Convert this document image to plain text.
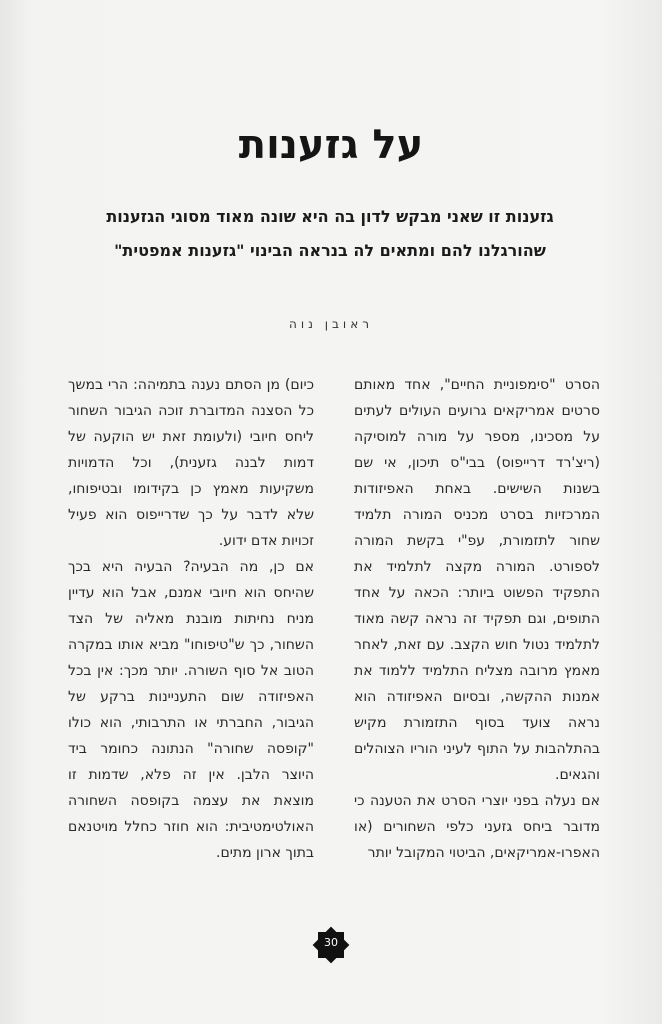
על גזענות
גזענות זו שאני מבקש לדון בה היא שונה מאוד מסוגי הגזענות שהורגלנו להם ומתאים לה בנראה הבינוי "גזענות אמפטית"
ראובן נוה

הסרט "סימפוניית החיים", אחד מאותם סרטים אמריקאים גרועים העולים לעתים על מסכינו, מספר על מורה למוסיקה (ריצ'רד דרייפוס) בבי"ס תיכון, אי שם בשנות השישים. באחת האפיזודות המרכזיות בסרט מכניס המורה תלמיד שחור לתזמורת, עפ"י בקשת המורה לספורט. המורה מקצה לתלמיד את התפקיד הפשוט ביותר: הכאה על אחד התופים, וגם תפקיד זה נראה קשה מאוד לתלמיד נטול חוש הקצב. עם זאת, לאחר מאמץ מרובה מצליח התלמיד ללמוד את אמנות ההקשה, ובסיום האפיזודה הוא נראה צועד בסוף התזמורת מקיש בהתלהבות על התוף לעיני הוריו הצוהלים והגאים.

אם נעלה בפני יוצרי הסרט את הטענה כי מדובר ביחס גזעני כלפי השחורים (או האפרו-אמריקאים, הביטוי המקובל יותר

כיום) מן הסתם נענה בתמיהה: הרי במשך כל הסצנה המדוברת זוכה הגיבור השחור ליחס חיובי (ולעומת זאת יש הוקעה של דמות לבנה גזענית), וכל הדמויות משקיעות מאמץ כן בקידומו ובטיפוחו, שלא לדבר על כך שדרייפוס הוא פעיל זכויות אדם ידוע.

אם כן, מה הבעיה? הבעיה היא בכך שהיחס הוא חיובי אמנם, אבל הוא עדיין מניח נחיתות מובנת מאליה של הצד השחור, כך ש"טיפוחו" מביא אותו במקרה הטוב אל סוף השורה. יותר מכך: אין בכל האפיזודה שום התעניינות ברקע של הגיבור, החברתי או התרבותי, הוא כולו "קופסה שחורה" הנתונה כחומר ביד היוצר הלבן. אין זה פלא, שדמות זו מוצאת את עצמה בקופסה השחורה האולטימטיבית: הוא חוזר כחלל מויטנאם בתוך ארון מתים.

30
